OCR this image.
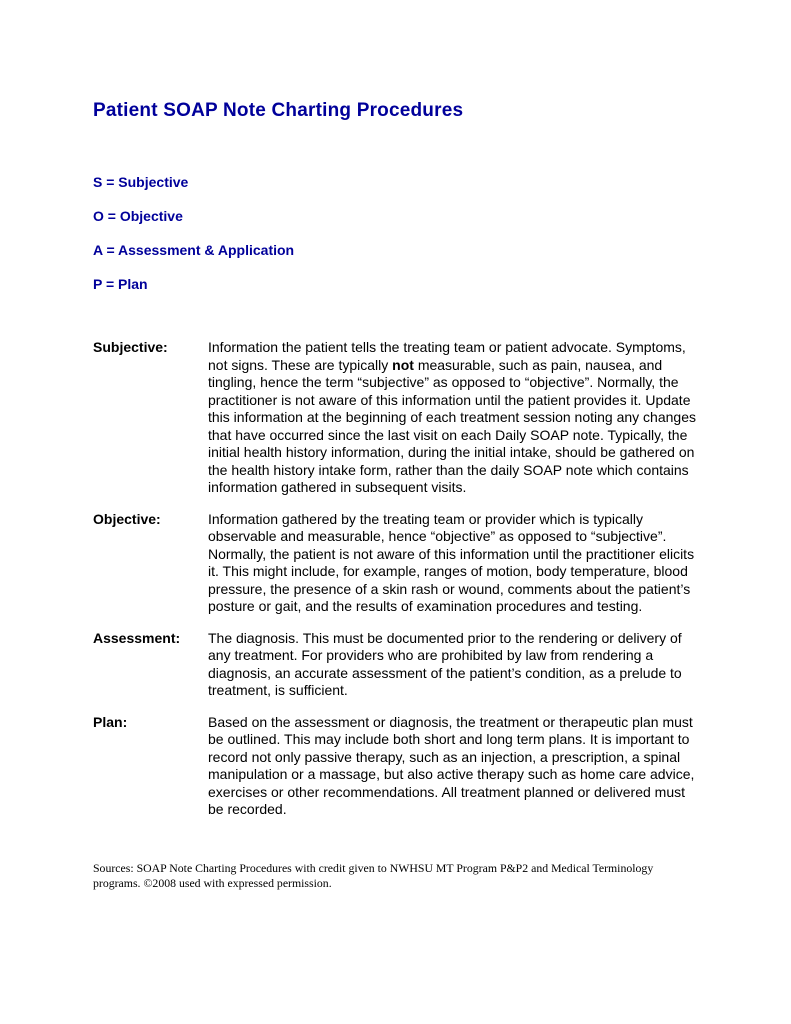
Patient SOAP Note Charting Procedures

S = Subjective

O = Objective

A = Assessment & Application

P = Plan

Subjective:	Information the patient tells the treating team or patient advocate. Symptoms, not signs. These are typically not measurable, such as pain, nausea, and tingling, hence the term “subjective” as opposed to “objective”. Normally, the practitioner is not aware of this information until the patient provides it. Update this information at the beginning of each treatment session noting any changes that have occurred since the last visit on each Daily SOAP note. Typically, the initial health history information, during the initial intake, should be gathered on the health history intake form, rather than the daily SOAP note which contains information gathered in subsequent visits.
Objective:	Information gathered by the treating team or provider which is typically observable and measurable, hence “objective” as opposed to “subjective”. Normally, the patient is not aware of this information until the practitioner elicits it. This might include, for example, ranges of motion, body temperature, blood pressure, the presence of a skin rash or wound, comments about the patient’s posture or gait, and the results of examination procedures and testing.
Assessment:	The diagnosis. This must be documented prior to the rendering or delivery of any treatment. For providers who are prohibited by law from rendering a diagnosis, an accurate assessment of the patient’s condition, as a prelude to treatment, is sufficient.
Plan:	Based on the assessment or diagnosis, the treatment or therapeutic plan must be outlined. This may include both short and long term plans. It is important to record not only passive therapy, such as an injection, a prescription, a spinal manipulation or a massage, but also active therapy such as home care advice, exercises or other recommendations. All treatment planned or delivered must be recorded.

Sources: SOAP Note Charting Procedures with credit given to NWHSU MT Program P&P2 and Medical Terminology programs. ©2008 used with expressed permission.
